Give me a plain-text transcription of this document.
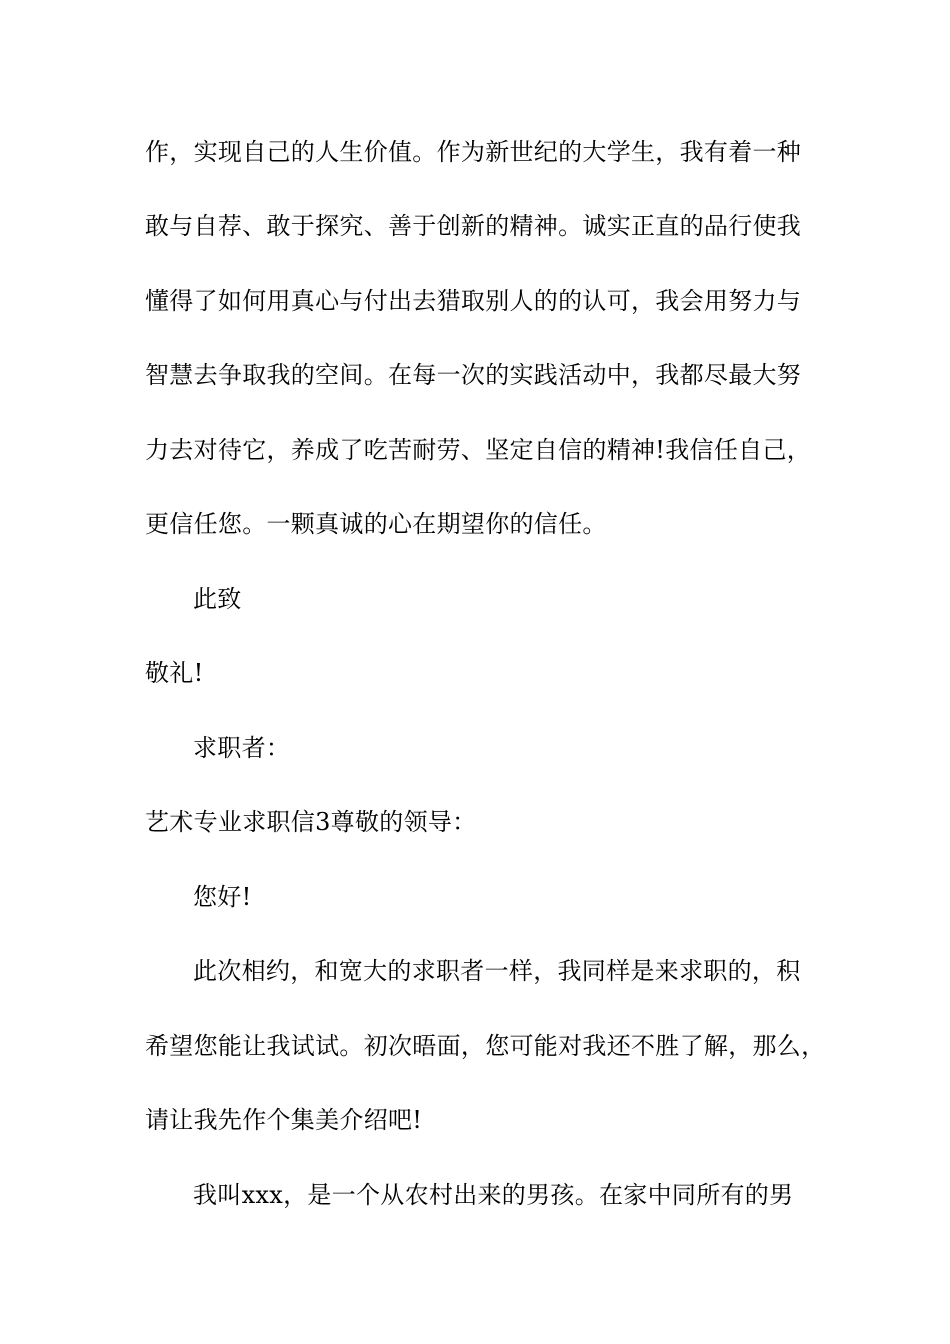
作，实现自己的人生价值。作为新世纪的大学生，我有着一种
敢与自荐、敢于探究、善于创新的精神。诚实正直的品行使我
懂得了如何用真心与付出去猎取别人的的认可，我会用努力与
智慧去争取我的空间。在每一次的实践活动中，我都尽最大努
力去对待它，养成了吃苦耐劳、坚定自信的精神!我信任自己，
更信任您。一颗真诚的心在期望你的信任。
此致
敬礼!
求职者：
艺术专业求职信3尊敬的领导：
您好!
此次相约，和宽大的求职者一样，我同样是来求职的，积
希望您能让我试试。初次晤面，您可能对我还不胜了解，那么，
请让我先作个集美介绍吧!
我叫xxx，是一个从农村出来的男孩。在家中同所有的男
